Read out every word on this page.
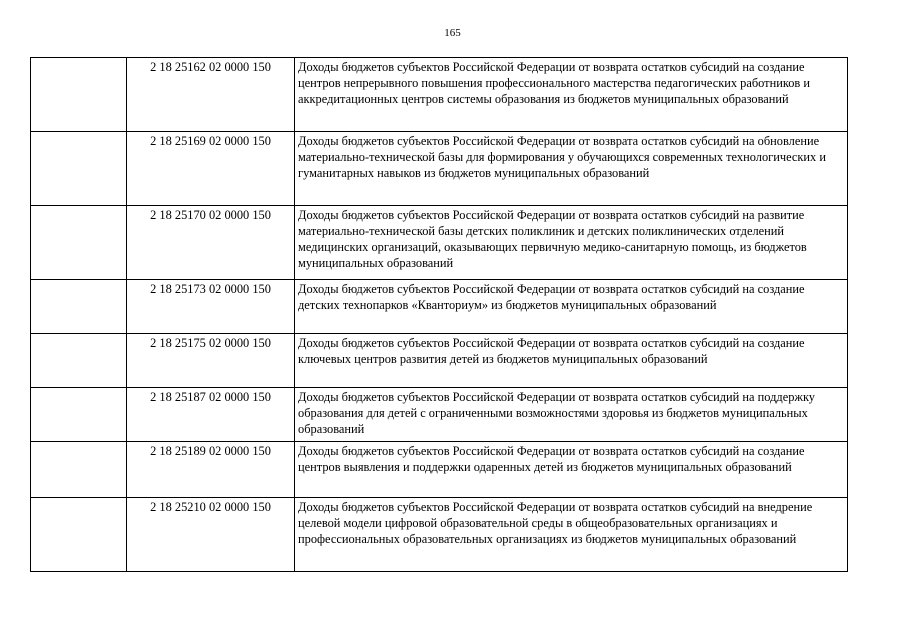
165
	2 18 25162 02 0000 150	Доходы бюджетов субъектов Российской Федерации от возврата остатков субсидий на создание центров непрерывного повышения профессионального мастерства педагогических работников и аккредитационных центров системы образования из бюджетов муниципальных образований
	2 18 25169 02 0000 150	Доходы бюджетов субъектов Российской Федерации от возврата остатков субсидий на обновление материально-технической базы для формирования у обучающихся современных технологических и гуманитарных навыков из бюджетов муниципальных образований
	2 18 25170 02 0000 150	Доходы бюджетов субъектов Российской Федерации от возврата остатков субсидий на развитие материально-технической базы детских поликлиник и детских поликлинических отделений медицинских организаций, оказывающих первичную медико-санитарную помощь, из бюджетов муниципальных образований
	2 18 25173 02 0000 150	Доходы бюджетов субъектов Российской Федерации от возврата остатков субсидий на создание детских технопарков «Кванториум» из бюджетов муниципальных образований
	2 18 25175 02 0000 150	Доходы бюджетов субъектов Российской Федерации от возврата остатков субсидий на создание ключевых центров развития детей из бюджетов муниципальных образований
	2 18 25187 02 0000 150	Доходы бюджетов субъектов Российской Федерации от возврата остатков субсидий на поддержку образования для детей с ограниченными возможностями здоровья из бюджетов муниципальных образований
	2 18 25189 02 0000 150	Доходы бюджетов субъектов Российской Федерации от возврата остатков субсидий на создание центров выявления и поддержки одаренных детей из бюджетов муниципальных образований
	2 18 25210 02 0000 150	Доходы бюджетов субъектов Российской Федерации от возврата остатков субсидий на внедрение целевой модели цифровой образовательной среды в общеобразовательных организациях и профессиональных образовательных организациях из бюджетов муниципальных образований
